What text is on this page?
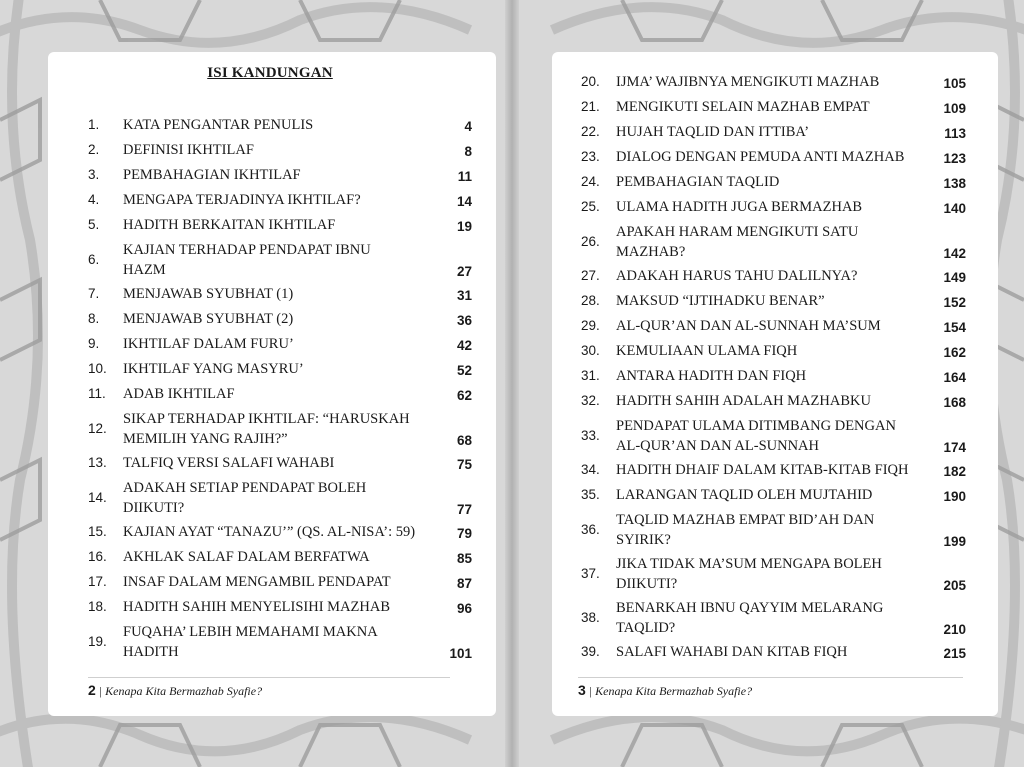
ISI KANDUNGAN
1. KATA PENGANTAR PENULIS	4
2. DEFINISI IKHTILAF	8
3. PEMBAHAGIAN IKHTILAF	11
4. MENGAPA TERJADINYA IKHTILAF?	14
5. HADITH BERKAITAN IKHTILAF	19
6.
KAJIAN TERHADAP PENDAPAT IBNU
HAZM	27
7. MENJAWAB SYUBHAT (1)	31
8. MENJAWAB SYUBHAT (2)	36
9. IKHTILAF DALAM FURU’	42
10. IKHTILAF YANG MASYRU’	52
11. ADAB IKHTILAF	62
12.
SIKAP TERHADAP IKHTILAF: “HARUSKAH
MEMILIH YANG RAJIH?”	68
13. TALFIQ VERSI SALAFI WAHABI	75
14.
ADAKAH SETIAP PENDAPAT BOLEH
DIIKUTI?	77
15. KAJIAN AYAT “TANAZU’” (QS. AL-NISA’: 59)	79
16. AKHLAK SALAF DALAM BERFATWA	85
17. INSAF DALAM MENGAMBIL PENDAPAT	87
18. HADITH SAHIH MENYELISIHI MAZHAB	96
19.
FUQAHA’ LEBIH MEMAHAMI MAKNA
HADITH	101
20. IJMA’ WAJIBNYA MENGIKUTI MAZHAB	105
21. MENGIKUTI SELAIN MAZHAB EMPAT	109
22. HUJAH TAQLID DAN ITTIBA’	113
23. DIALOG DENGAN PEMUDA ANTI MAZHAB	123
24. PEMBAHAGIAN TAQLID	138
25. ULAMA HADITH JUGA BERMAZHAB	140
26.
APAKAH HARAM MENGIKUTI SATU
MAZHAB?	142
27. ADAKAH HARUS TAHU DALILNYA?	149
28. MAKSUD “IJTIHADKU BENAR”	152
29. AL-QUR’AN DAN AL-SUNNAH MA’SUM	154
30. KEMULIAAN ULAMA FIQH	162
31. ANTARA HADITH DAN FIQH	164
32. HADITH SAHIH ADALAH MAZHABKU	168
33.
PENDAPAT ULAMA DITIMBANG DENGAN
AL-QUR’AN DAN AL-SUNNAH	174
34. HADITH DHAIF DALAM KITAB-KITAB FIQH	182
35. LARANGAN TAQLID OLEH MUJTAHID	190
36.
TAQLID MAZHAB EMPAT BID’AH DAN
SYIRIK?	199
37.
JIKA TIDAK MA’SUM MENGAPA BOLEH
DIIKUTI?	205
38.
BENARKAH IBNU QAYYIM MELARANG
TAQLID?	210
39. SALAFI WAHABI DAN KITAB FIQH	215
2 | Kenapa Kita Bermazhab Syafie?	3 | Kenapa Kita Bermazhab Syafie?
